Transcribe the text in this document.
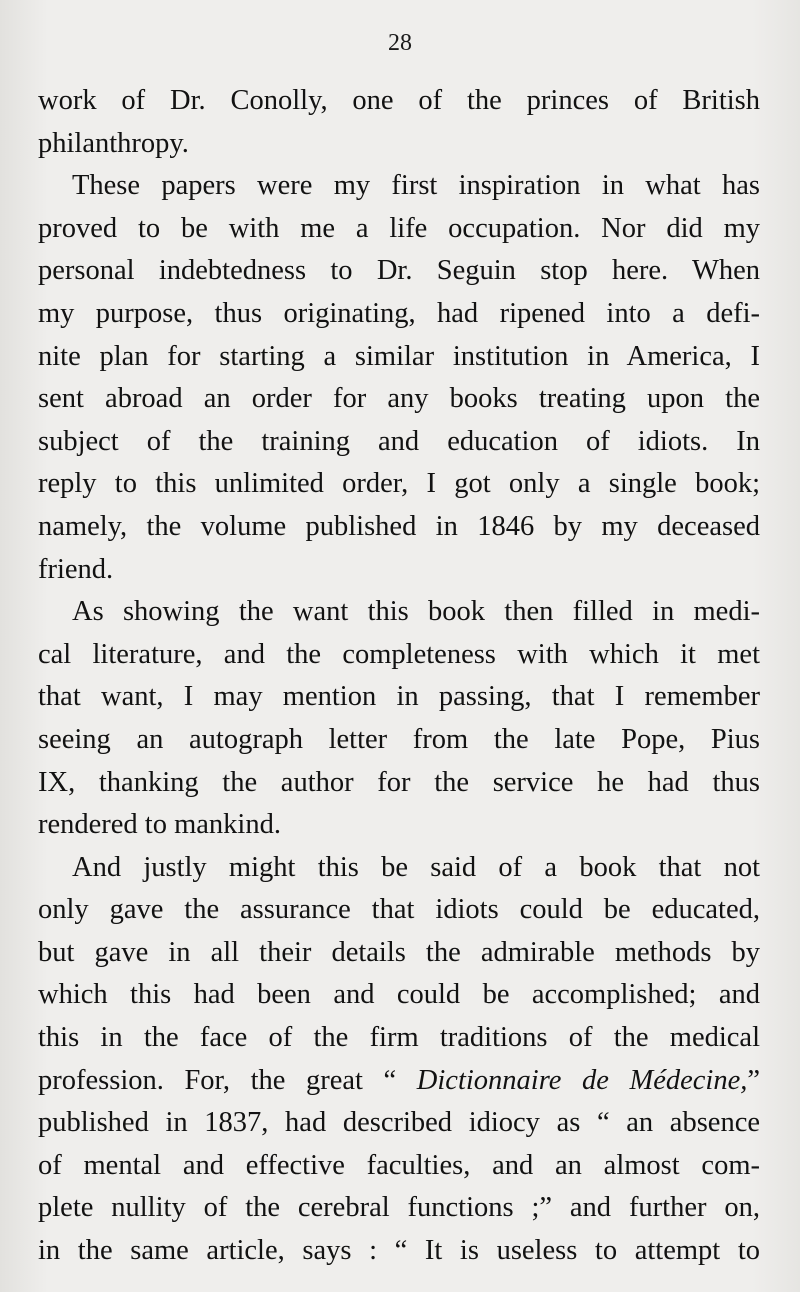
28
work of Dr. Conolly, one of the princes of British
philanthropy.
These papers were my first inspiration in what has
proved to be with me a life occupation. Nor did my
personal indebtedness to Dr. Seguin stop here. When
my purpose, thus originating, had ripened into a defi-
nite plan for starting a similar institution in America, I
sent abroad an order for any books treating upon the
subject of the training and education of idiots. In
reply to this unlimited order, I got only a single book;
namely, the volume published in 1846 by my deceased
friend.
As showing the want this book then filled in medi-
cal literature, and the completeness with which it met
that want, I may mention in passing, that I remember
seeing an autograph letter from the late Pope, Pius
IX, thanking the author for the service he had thus
rendered to mankind.
And justly might this be said of a book that not
only gave the assurance that idiots could be educated,
but gave in all their details the admirable methods by
which this had been and could be accomplished; and
this in the face of the firm traditions of the medical
profession. For, the great “ Dictionnaire de Médecine,”
published in 1837, had described idiocy as “ an absence
of mental and effective faculties, and an almost com-
plete nullity of the cerebral functions ;” and further on,
in the same article, says : “ It is useless to attempt to
